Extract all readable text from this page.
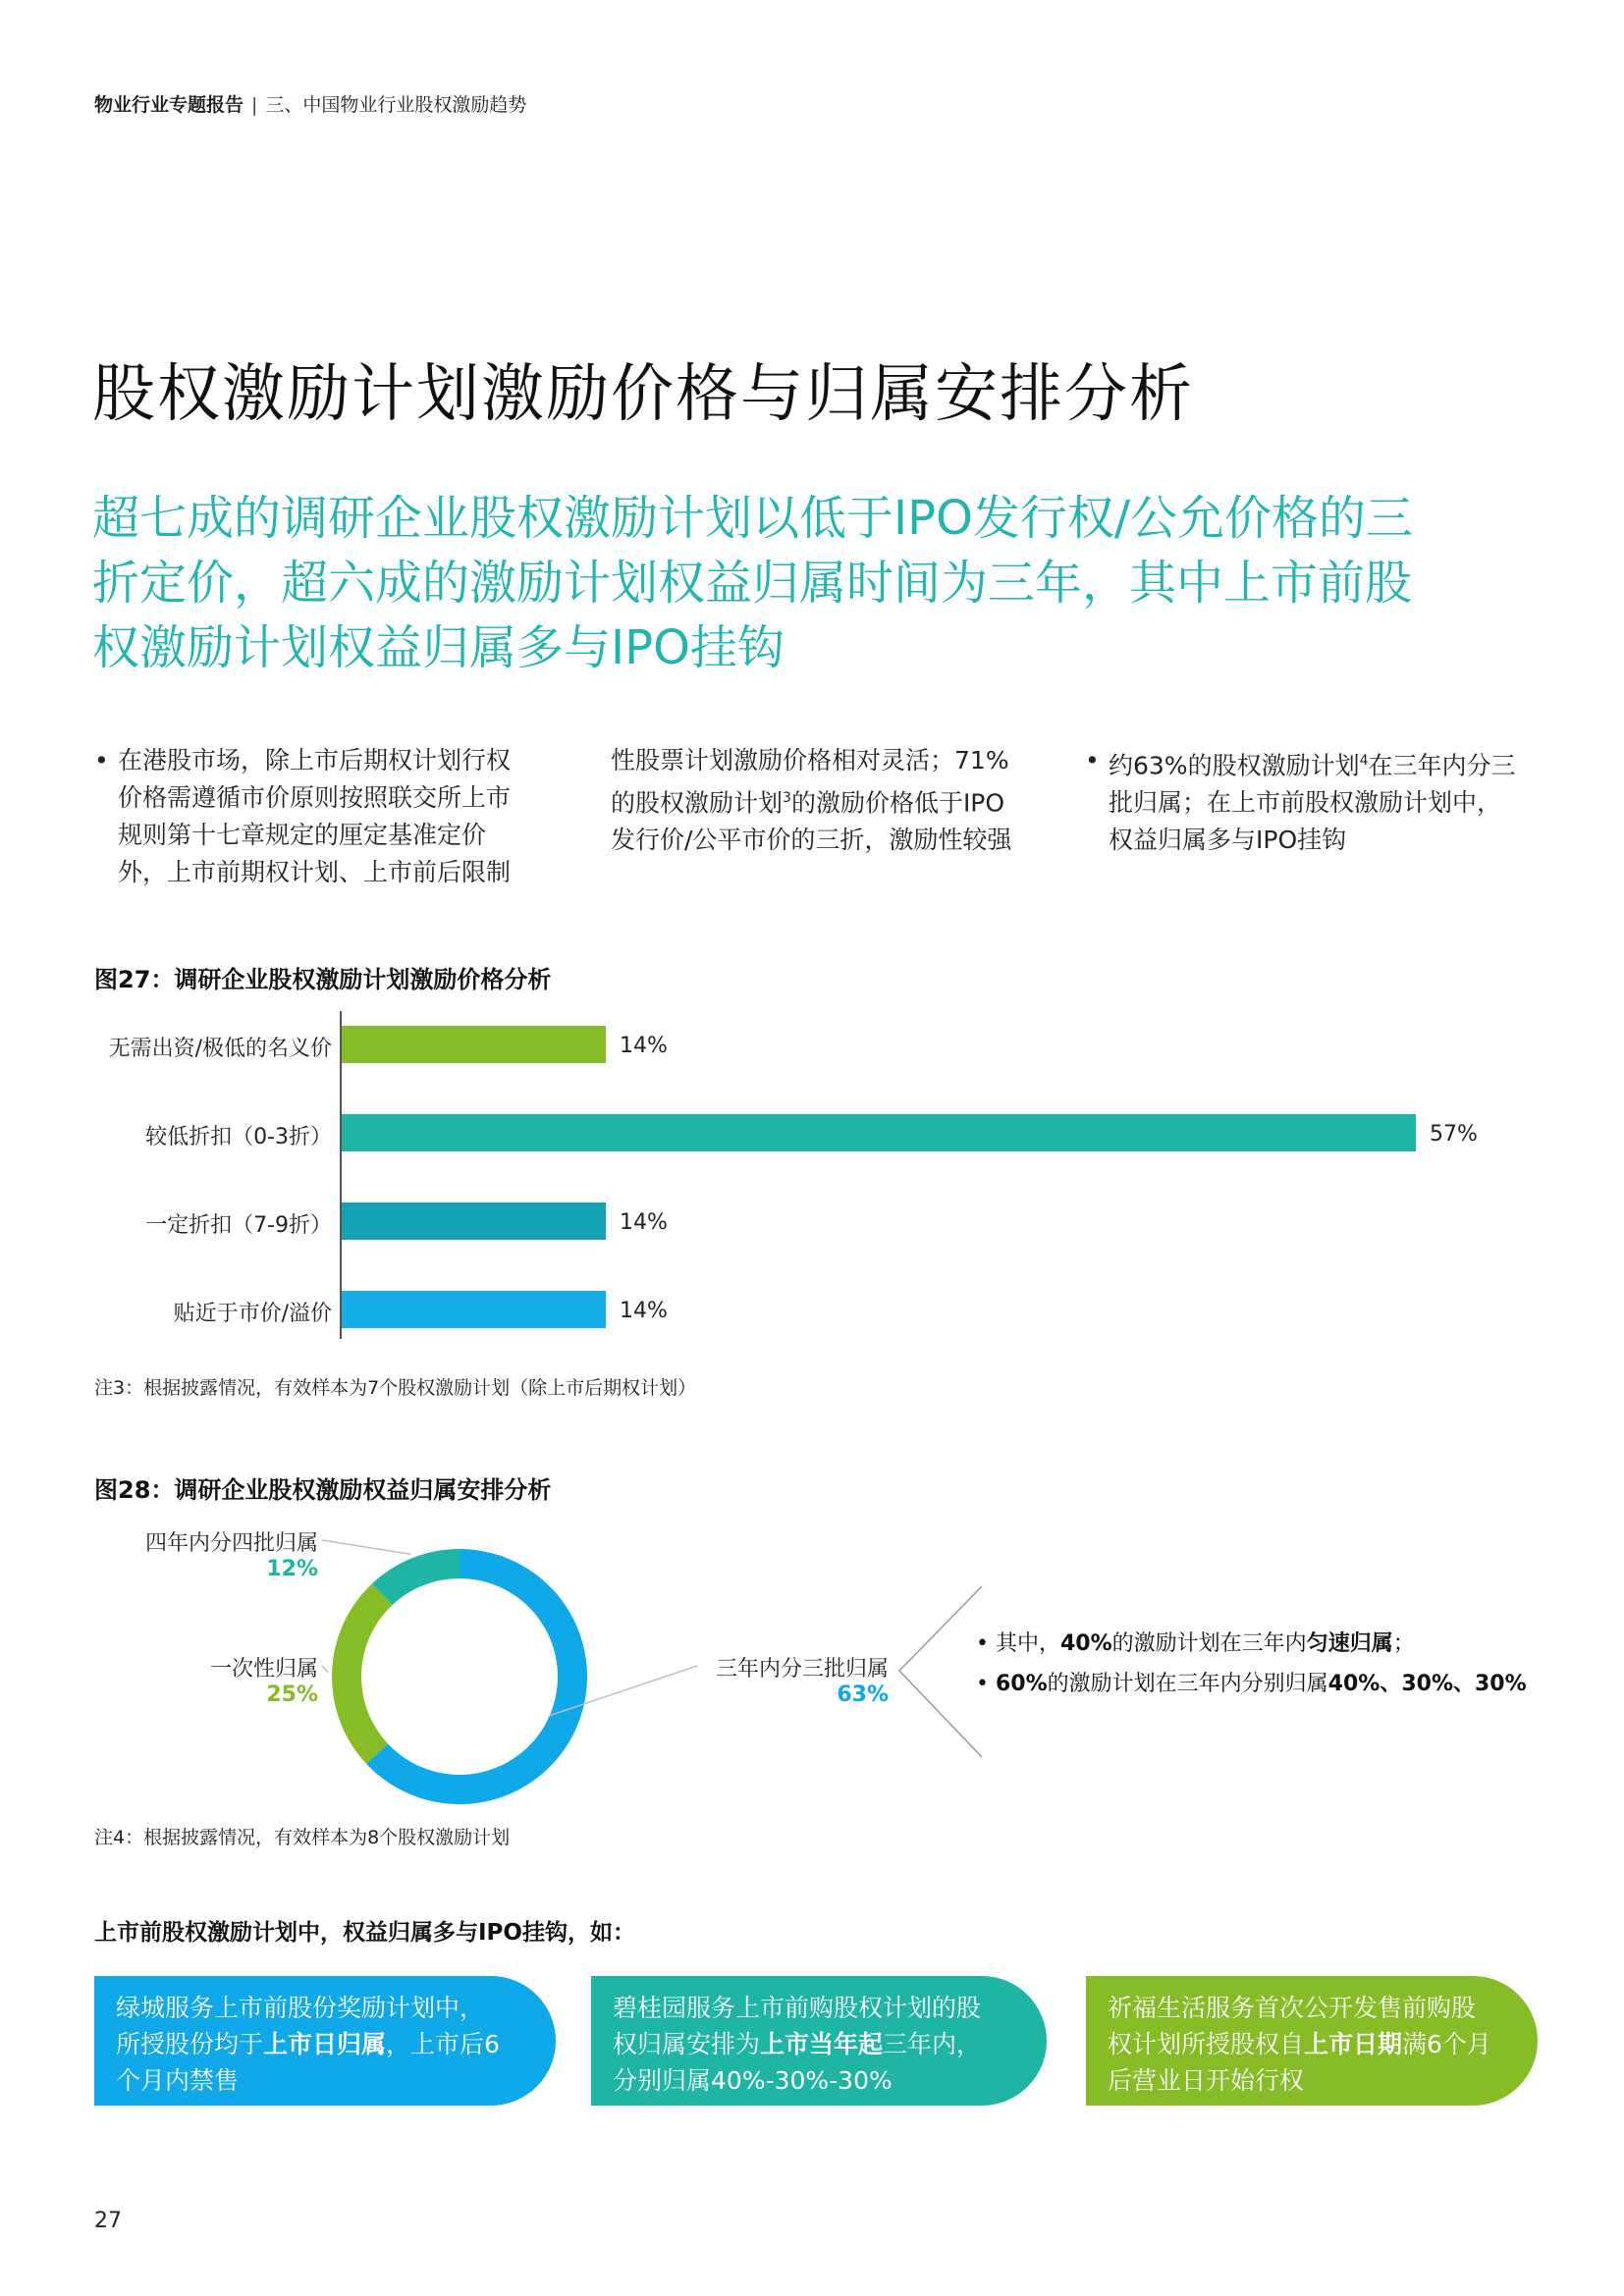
物业行业专题报告 | 三、中国物业行业股权激励趋势
股权激励计划激励价格与归属安排分析
超七成的调研企业股权激励计划以低于IPO发行权/公允价格的三
折定价，超六成的激励计划权益归属时间为三年，其中上市前股
权激励计划权益归属多与IPO挂钩
• 在港股市场，除上市后期权计划行权
价格需遵循市价原则按照联交所上市
规则第十七章规定的厘定基准定价
外，上市前期权计划、上市前后限制
性股票计划激励价格相对灵活；71%
的股权激励计划$^3$的激励价格低于IPO
发行价/公平市价的三折，激励性较强
• 约63%的股权激励计划$^4$在三年内分三
批归属；在上市前股权激励计划中，
权益归属多与IPO挂钩
图27：调研企业股权激励计划激励价格分析
无需出资/极低的名义价	14%
较低折扣（0-3折）	57%
一定折扣（7-9折）	14%
贴近于市价/溢价	14%
注3：根据披露情况，有效样本为7个股权激励计划（除上市后期权计划）
图28：调研企业股权激励权益归属安排分析
三年内分三批归属
63%
一次性归属
25%
四年内分四批归属
12%
• 其中，40%的激励计划在三年内匀速归属；
• 60%的激励计划在三年内分别归属40%、30%、30%
注4：根据披露情况，有效样本为8个股权激励计划
上市前股权激励计划中，权益归属多与IPO挂钩，如：
绿城服务上市前股份奖励计划中，
所授股份均于上市日归属，上市后6
个月内禁售
碧桂园服务上市前购股权计划的股
权归属安排为上市当年起三年内，
分别归属40%-30%-30%
祈福生活服务首次公开发售前购股
权计划所授股权自上市日期满6个月
后营业日开始行权
27
